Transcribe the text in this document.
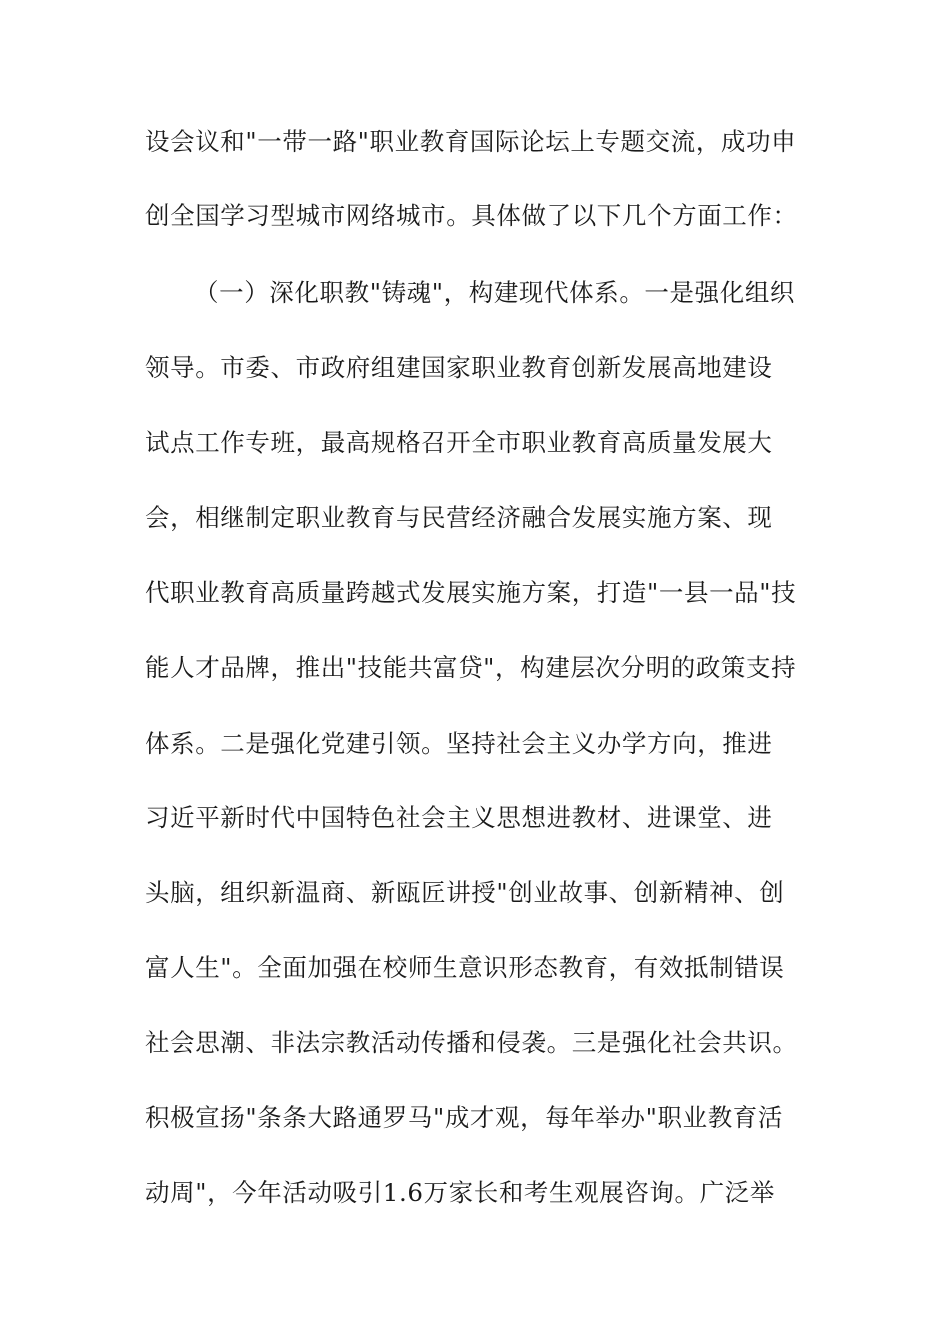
设会议和"一带一路"职业教育国际论坛上专题交流，成功申
创全国学习型城市网络城市。具体做了以下几个方面工作：
（一）深化职教"铸魂"，构建现代体系。一是强化组织
领导。市委、市政府组建国家职业教育创新发展高地建设
试点工作专班，最高规格召开全市职业教育高质量发展大
会，相继制定职业教育与民营经济融合发展实施方案、现
代职业教育高质量跨越式发展实施方案，打造"一县一品"技
能人才品牌，推出"技能共富贷"，构建层次分明的政策支持
体系。二是强化党建引领。坚持社会主义办学方向，推进
习近平新时代中国特色社会主义思想进教材、进课堂、进
头脑，组织新温商、新瓯匠讲授"创业故事、创新精神、创
富人生"。全面加强在校师生意识形态教育，有效抵制错误
社会思潮、非法宗教活动传播和侵袭。三是强化社会共识。
积极宣扬"条条大路通罗马"成才观，每年举办"职业教育活
动周"，今年活动吸引1.6万家长和考生观展咨询。广泛举
